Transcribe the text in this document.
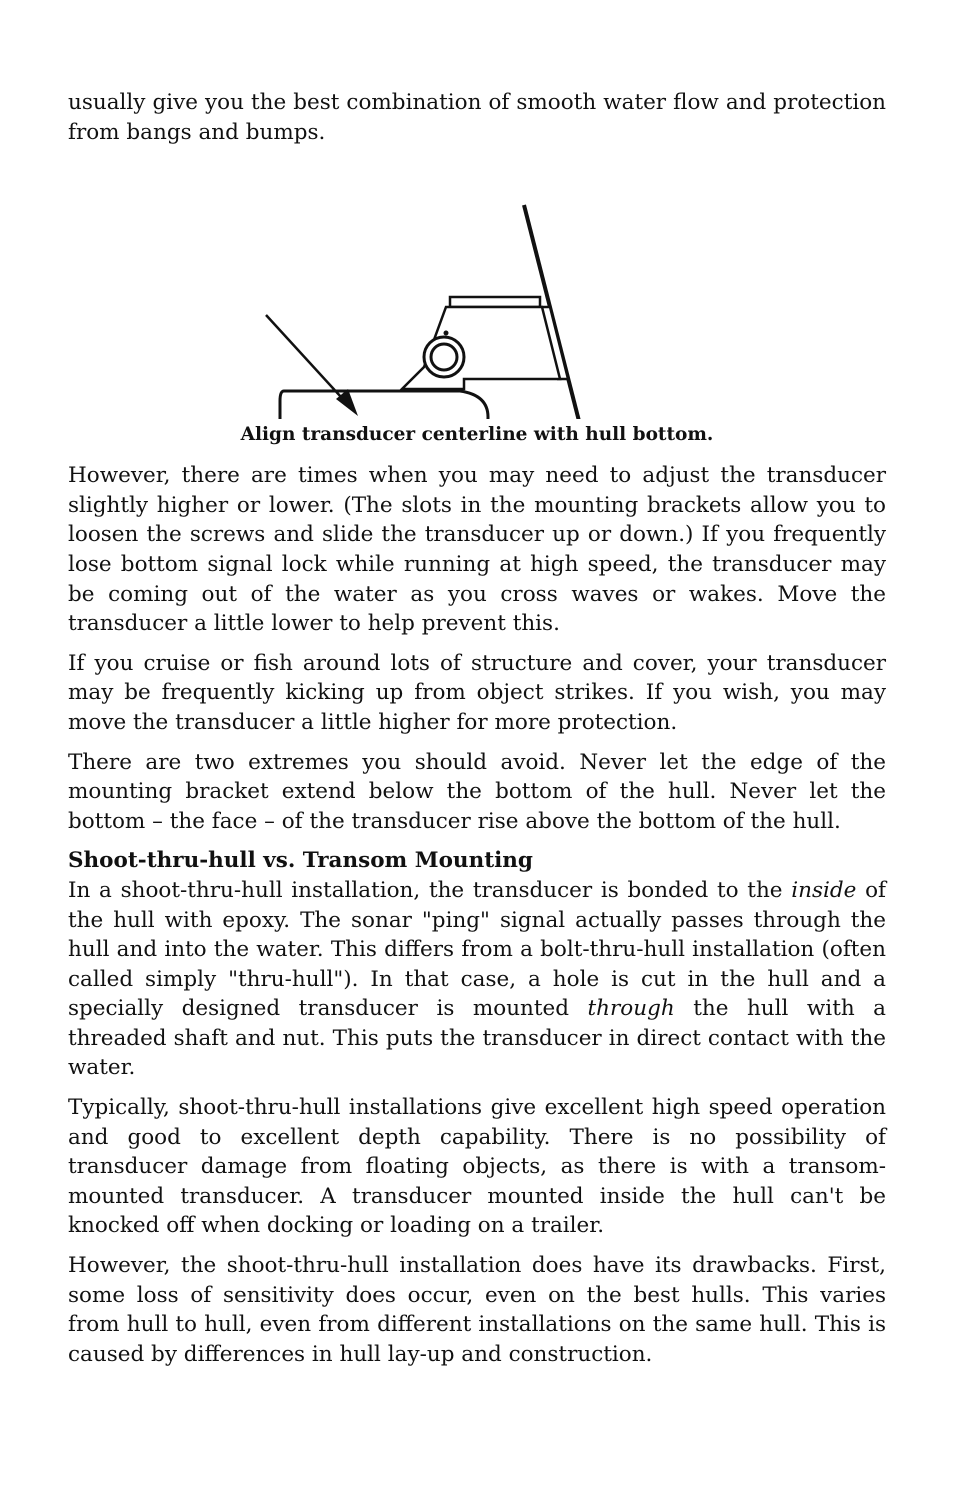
usually give you the best combination of smooth water flow and protection from bangs and bumps.

Align transducer centerline with hull bottom.

However, there are times when you may need to adjust the transducer slightly higher or lower. (The slots in the mounting brackets allow you to loosen the screws and slide the transducer up or down.) If you frequently lose bottom signal lock while running at high speed, the transducer may be coming out of the water as you cross waves or wakes. Move the transducer a little lower to help prevent this.

If you cruise or fish around lots of structure and cover, your transducer may be frequently kicking up from object strikes. If you wish, you may move the transducer a little higher for more protection.

There are two extremes you should avoid. Never let the edge of the mounting bracket extend below the bottom of the hull. Never let the bottom – the face – of the transducer rise above the bottom of the hull.

Shoot-thru-hull vs. Transom Mounting

In a shoot-thru-hull installation, the transducer is bonded to the inside of the hull with epoxy. The sonar "ping" signal actually passes through the hull and into the water. This differs from a bolt-thru-hull installation (often called simply "thru-hull"). In that case, a hole is cut in the hull and a specially designed transducer is mounted through the hull with a threaded shaft and nut. This puts the transducer in direct contact with the water.

Typically, shoot-thru-hull installations give excellent high speed operation and good to excellent depth capability. There is no possibility of transducer damage from floating objects, as there is with a transom-mounted transducer. A transducer mounted inside the hull can't be knocked off when docking or loading on a trailer.

However, the shoot-thru-hull installation does have its drawbacks. First, some loss of sensitivity does occur, even on the best hulls. This varies from hull to hull, even from different installations on the same hull. This is caused by differences in hull lay-up and construction.
